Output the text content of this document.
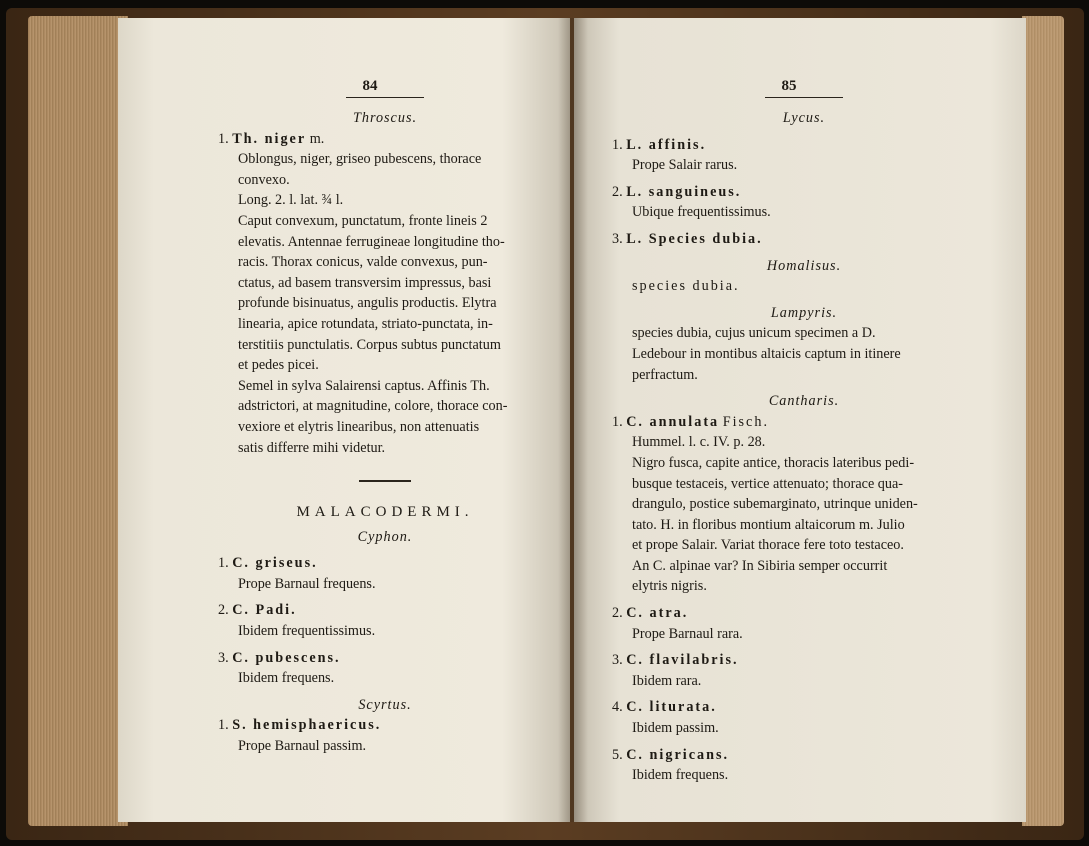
84

Throscus.

1. Th. niger m.

Oblongus, niger, griseo pubescens, thorace

convexo.

Long. 2. l. lat. ¾ l.

Caput convexum, punctatum, fronte lineis 2

elevatis. Antennae ferrugineae longitudine tho-

racis. Thorax conicus, valde convexus, pun-

ctatus, ad basem transversim impressus, basi

profunde bisinuatus, angulis productis. Elytra

linearia, apice rotundata, striato-punctata, in-

terstitiis punctulatis. Corpus subtus punctatum

et pedes picei.

Semel in sylva Salairensi captus. Affinis Th.

adstrictori, at magnitudine, colore, thorace con-

vexiore et elytris linearibus, non attenuatis

satis differre mihi videtur.

MALACODERMI.

Cyphon.

1. C. griseus.

Prope Barnaul frequens.

2. C. Padi.

Ibidem frequentissimus.

3. C. pubescens.

Ibidem frequens.

Scyrtus.

1. S. hemisphaericus.

Prope Barnaul passim.

85

Lycus.

1. L. affinis.

Prope Salair rarus.

2. L. sanguineus.

Ubique frequentissimus.

3. L. Species dubia.

Homalisus.

species dubia.

Lampyris.

species dubia, cujus unicum specimen a D.

Ledebour in montibus altaicis captum in itinere

perfractum.

Cantharis.

1. C. annulata Fisch.

Hummel. l. c. IV. p. 28.

Nigro fusca, capite antice, thoracis lateribus pedi-

busque testaceis, vertice attenuato; thorace qua-

drangulo, postice subemarginato, utrinque uniden-

tato. H. in floribus montium altaicorum m. Julio

et prope Salair. Variat thorace fere toto testaceo.

An C. alpinae var? In Sibiria semper occurrit

elytris nigris.

2. C. atra.

Prope Barnaul rara.

3. C. flavilabris.

Ibidem rara.

4. C. liturata.

Ibidem passim.

5. C. nigricans.

Ibidem frequens.
